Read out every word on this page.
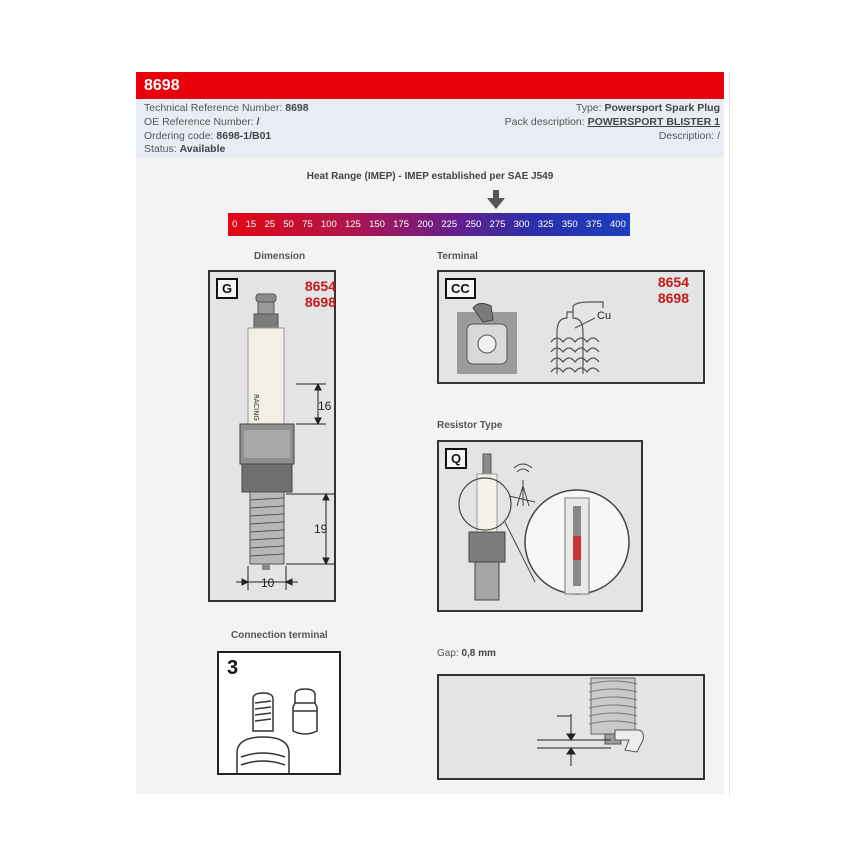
8698
Technical Reference Number: 8698
OE Reference Number: /
Ordering code: 8698-1/B01
Status: Available
Type: Powersport Spark Plug
Pack description: POWERSPORT BLISTER 1
Description: /
Heat Range (IMEP) - IMEP established per SAE J549
0 15 25 50 75 100 125 150 175 200 225 250 275 300 325 350 375 400
Dimension
G	8654
8698
RACING	16
19
10
Terminal
CC	8654
8698
Cu
Resistor Type
Q
Connection terminal
3
Gap: 0,8 mm
